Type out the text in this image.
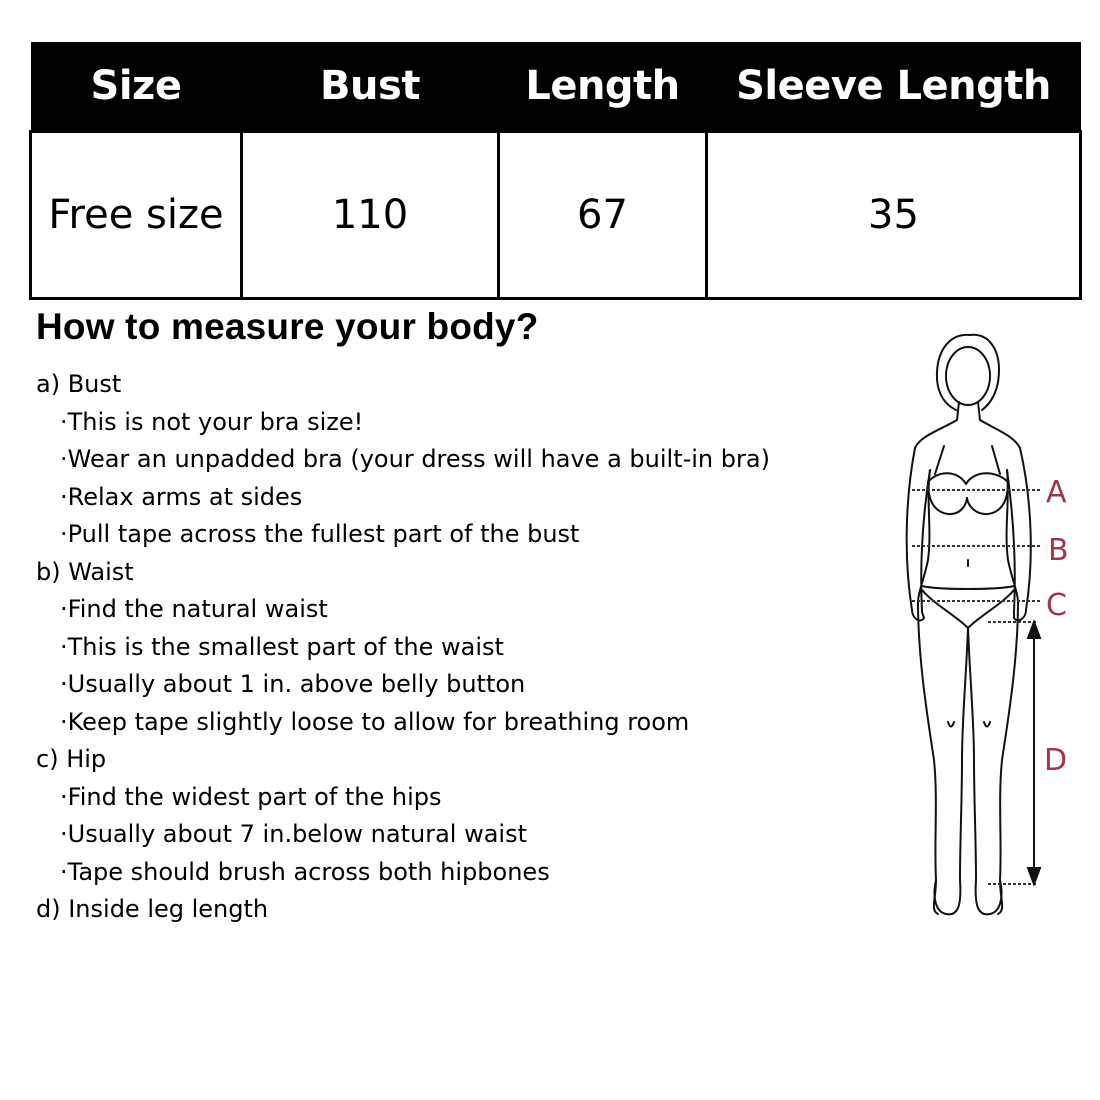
Size	Bust	Length	Sleeve Length
Free size	110	67	35
How to measure your body?
a) Bust
·This is not your bra size!
·Wear an unpadded bra (your dress will have a built-in bra)
·Relax arms at sides
·Pull tape across the fullest part of the bust
b) Waist
·Find the natural waist
·This is the smallest part of the waist
·Usually about 1 in. above belly button
·Keep tape slightly loose to allow for breathing room
c) Hip
·Find the widest part of the hips
·Usually about 7 in.below natural waist
·Tape should brush across both hipbones
d) Inside leg length
A
B
C
D
